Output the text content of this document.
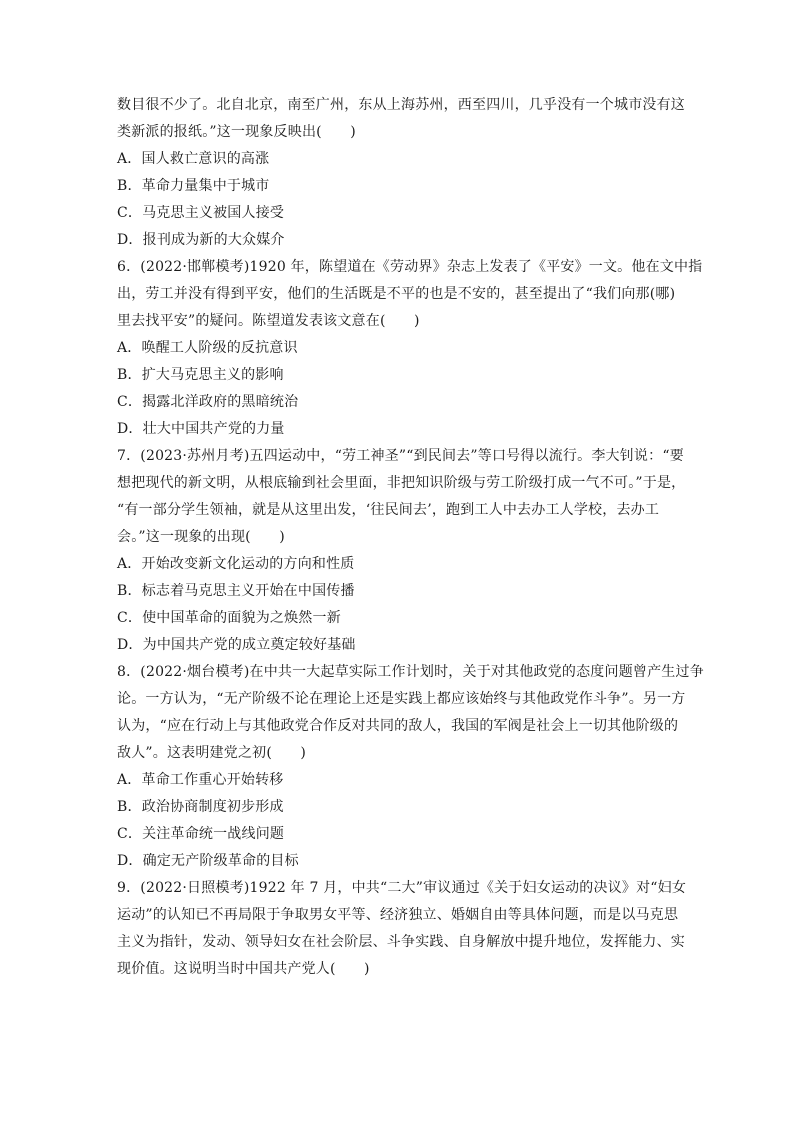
数目很不少了。北自北京，南至广州，东从上海苏州，西至四川，几乎没有一个城市没有这
类新派的报纸。”这一现象反映出(　　)
A．国人救亡意识的高涨
B．革命力量集中于城市
C．马克思主义被国人接受
D．报刊成为新的大众媒介
6．(2022·邯郸模考)1920 年，陈望道在《劳动界》杂志上发表了《平安》一文。他在文中指
出，劳工并没有得到平安，他们的生活既是不平的也是不安的，甚至提出了“我们向那(哪)
里去找平安”的疑问。陈望道发表该文意在(　　)
A．唤醒工人阶级的反抗意识
B．扩大马克思主义的影响
C．揭露北洋政府的黑暗统治
D．壮大中国共产党的力量
7．(2023·苏州月考)五四运动中，“劳工神圣”“到民间去”等口号得以流行。李大钊说：“要
想把现代的新文明，从根底输到社会里面，非把知识阶级与劳工阶级打成一气不可。”于是，
“有一部分学生领袖，就是从这里出发，‘往民间去’，跑到工人中去办工人学校，去办工
会。”这一现象的出现(　　)
A．开始改变新文化运动的方向和性质
B．标志着马克思主义开始在中国传播
C．使中国革命的面貌为之焕然一新
D．为中国共产党的成立奠定较好基础
8．(2022·烟台模考)在中共一大起草实际工作计划时，关于对其他政党的态度问题曾产生过争
论。一方认为，“无产阶级不论在理论上还是实践上都应该始终与其他政党作斗争”。另一方
认为，“应在行动上与其他政党合作反对共同的敌人，我国的军阀是社会上一切其他阶级的
敌人”。这表明建党之初(　　)
A．革命工作重心开始转移
B．政治协商制度初步形成
C．关注革命统一战线问题
D．确定无产阶级革命的目标
9．(2022·日照模考)1922 年 7 月，中共“二大”审议通过《关于妇女运动的决议》对“妇女
运动”的认知已不再局限于争取男女平等、经济独立、婚姻自由等具体问题，而是以马克思
主义为指针，发动、领导妇女在社会阶层、斗争实践、自身解放中提升地位，发挥能力、实
现价值。这说明当时中国共产党人(　　)
